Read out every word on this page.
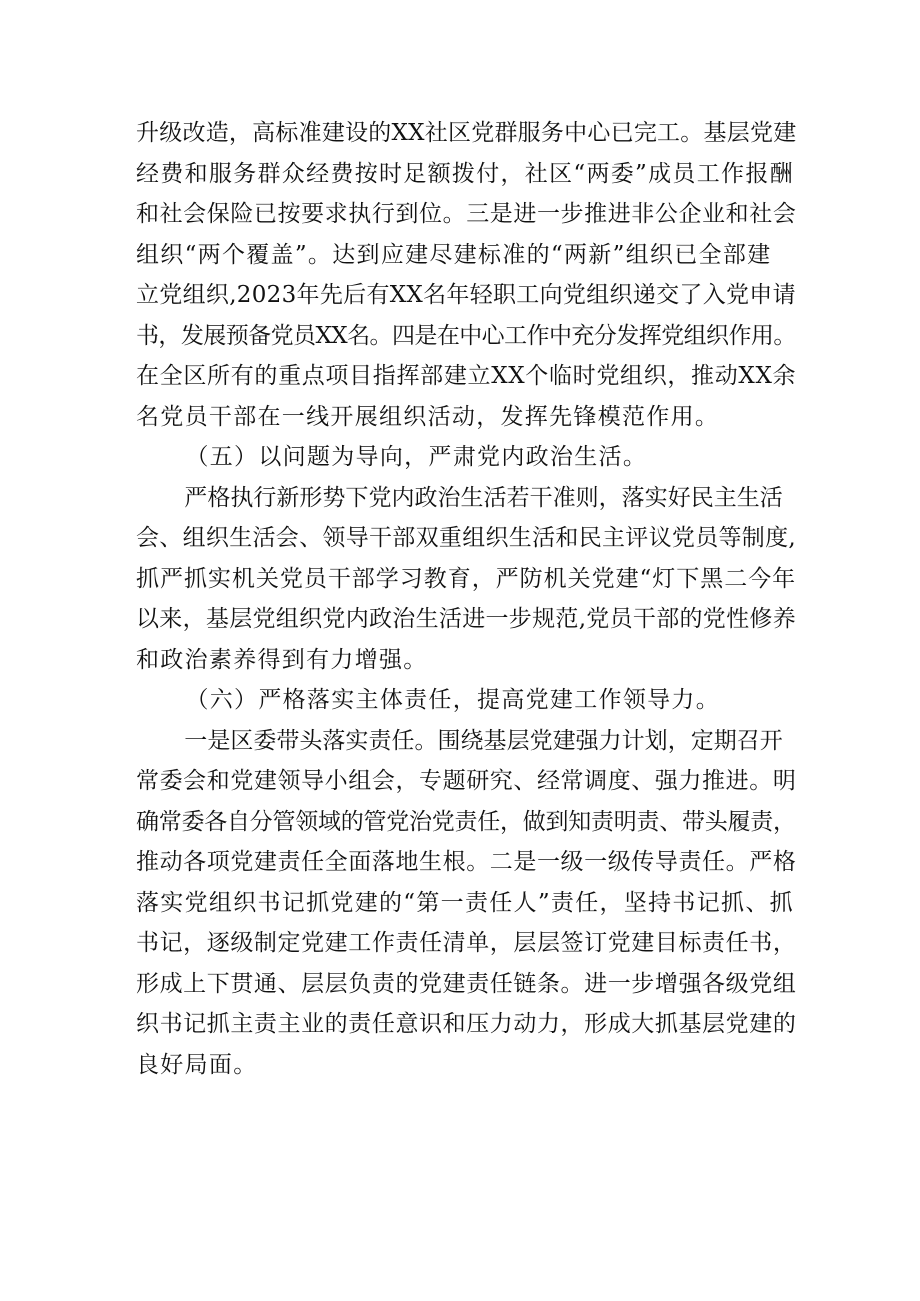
升级改造，高标准建设的XX社区党群服务中心已完工。基层党建
经费和服务群众经费按时足额拨付，社区“两委”成员工作报酬
和社会保险已按要求执行到位。三是进一步推进非公企业和社会
组织“两个覆盖”。达到应建尽建标准的“两新”组织已全部建
立党组织,2023年先后有XX名年轻职工向党组织递交了入党申请
书，发展预备党员XX名。四是在中心工作中充分发挥党组织作用。
在全区所有的重点项目指挥部建立XX个临时党组织，推动XX余
名党员干部在一线开展组织活动，发挥先锋模范作用。

（五）以问题为导向，严肃党内政治生活。

严格执行新形势下党内政治生活若干准则，落实好民主生活

会、组织生活会、领导干部双重组织生活和民主评议党员等制度,
抓严抓实机关党员干部学习教育，严防机关党建“灯下黑二今年
以来，基层党组织党内政治生活进一步规范,党员干部的党性修养
和政治素养得到有力增强。

（六）严格落实主体责任，提高党建工作领导力。

一是区委带头落实责任。围绕基层党建强力计划，定期召开

常委会和党建领导小组会，专题研究、经常调度、强力推进。明
确常委各自分管领域的管党治党责任，做到知责明责、带头履责，
推动各项党建责任全面落地生根。二是一级一级传导责任。严格
落实党组织书记抓党建的“第一责任人”责任，坚持书记抓、抓
书记，逐级制定党建工作责任清单，层层签订党建目标责任书，
形成上下贯通、层层负责的党建责任链条。进一步增强各级党组
织书记抓主责主业的责任意识和压力动力，形成大抓基层党建的
良好局面。
